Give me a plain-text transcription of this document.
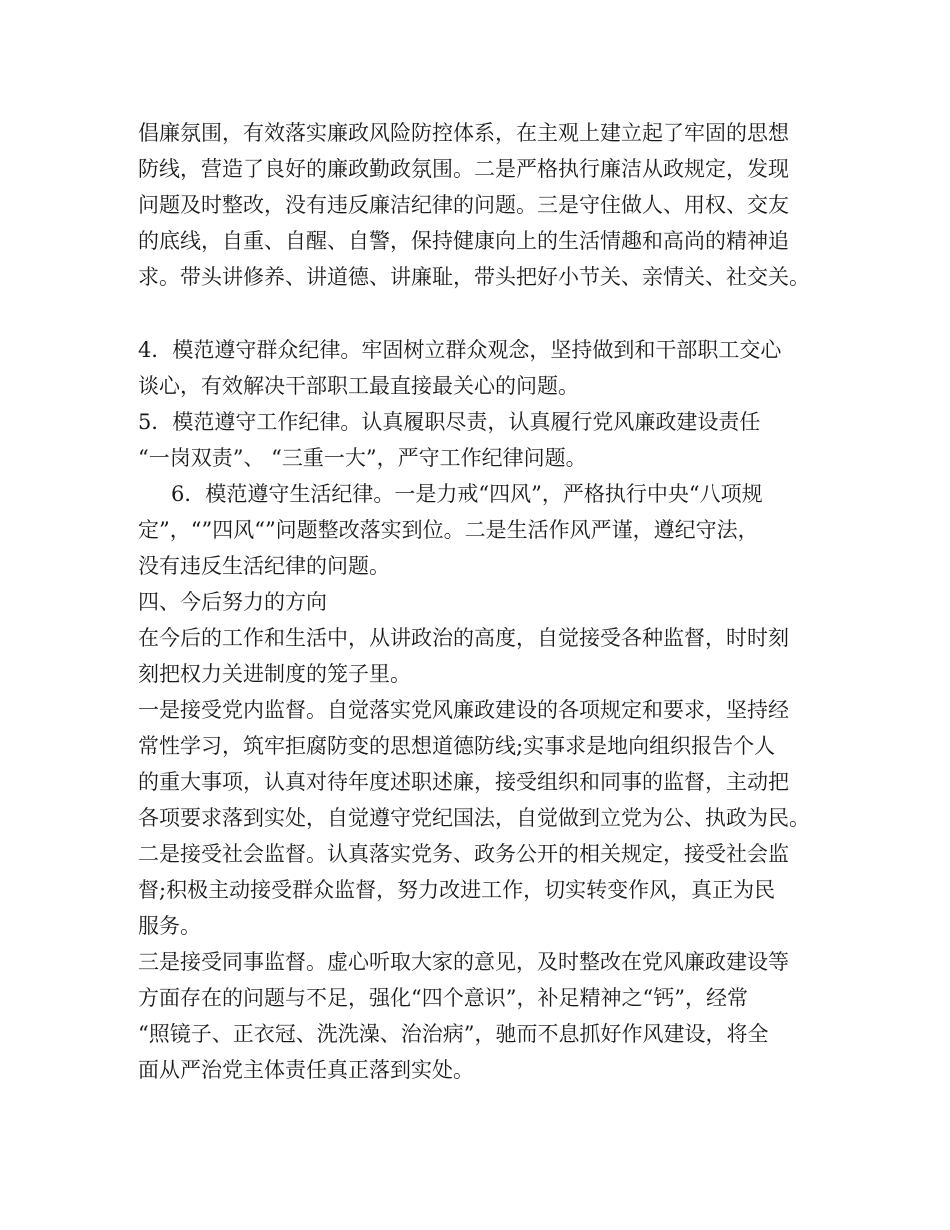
倡廉氛围，有效落实廉政风险防控体系，在主观上建立起了牢固的思想
防线，营造了良好的廉政勤政氛围。二是严格执行廉洁从政规定，发现
问题及时整改，没有违反廉洁纪律的问题。三是守住做人、用权、交友
的底线，自重、自醒、自警，保持健康向上的生活情趣和高尚的精神追
求。带头讲修养、讲道德、讲廉耻，带头把好小节关、亲情关、社交关。
4．模范遵守群众纪律。牢固树立群众观念，坚持做到和干部职工交心
谈心，有效解决干部职工最直接最关心的问题。
5．模范遵守工作纪律。认真履职尽责，认真履行党风廉政建设责任
“一岗双责”、 “三重一大”，严守工作纪律问题。
6．模范遵守生活纪律。一是力戒“四风”，严格执行中央“八项规
定”，“”四风“”问题整改落实到位。二是生活作风严谨，遵纪守法，
没有违反生活纪律的问题。
四、今后努力的方向
在今后的工作和生活中，从讲政治的高度，自觉接受各种监督，时时刻
刻把权力关进制度的笼子里。
一是接受党内监督。自觉落实党风廉政建设的各项规定和要求，坚持经
常性学习，筑牢拒腐防变的思想道德防线;实事求是地向组织报告个人
的重大事项，认真对待年度述职述廉，接受组织和同事的监督，主动把
各项要求落到实处，自觉遵守党纪国法，自觉做到立党为公、执政为民。
二是接受社会监督。认真落实党务、政务公开的相关规定，接受社会监
督;积极主动接受群众监督，努力改进工作，切实转变作风，真正为民
服务。
三是接受同事监督。虚心听取大家的意见，及时整改在党风廉政建设等
方面存在的问题与不足，强化“四个意识”，补足精神之“钙”，经常
“照镜子、正衣冠、洗洗澡、治治病”，驰而不息抓好作风建设，将全
面从严治党主体责任真正落到实处。
